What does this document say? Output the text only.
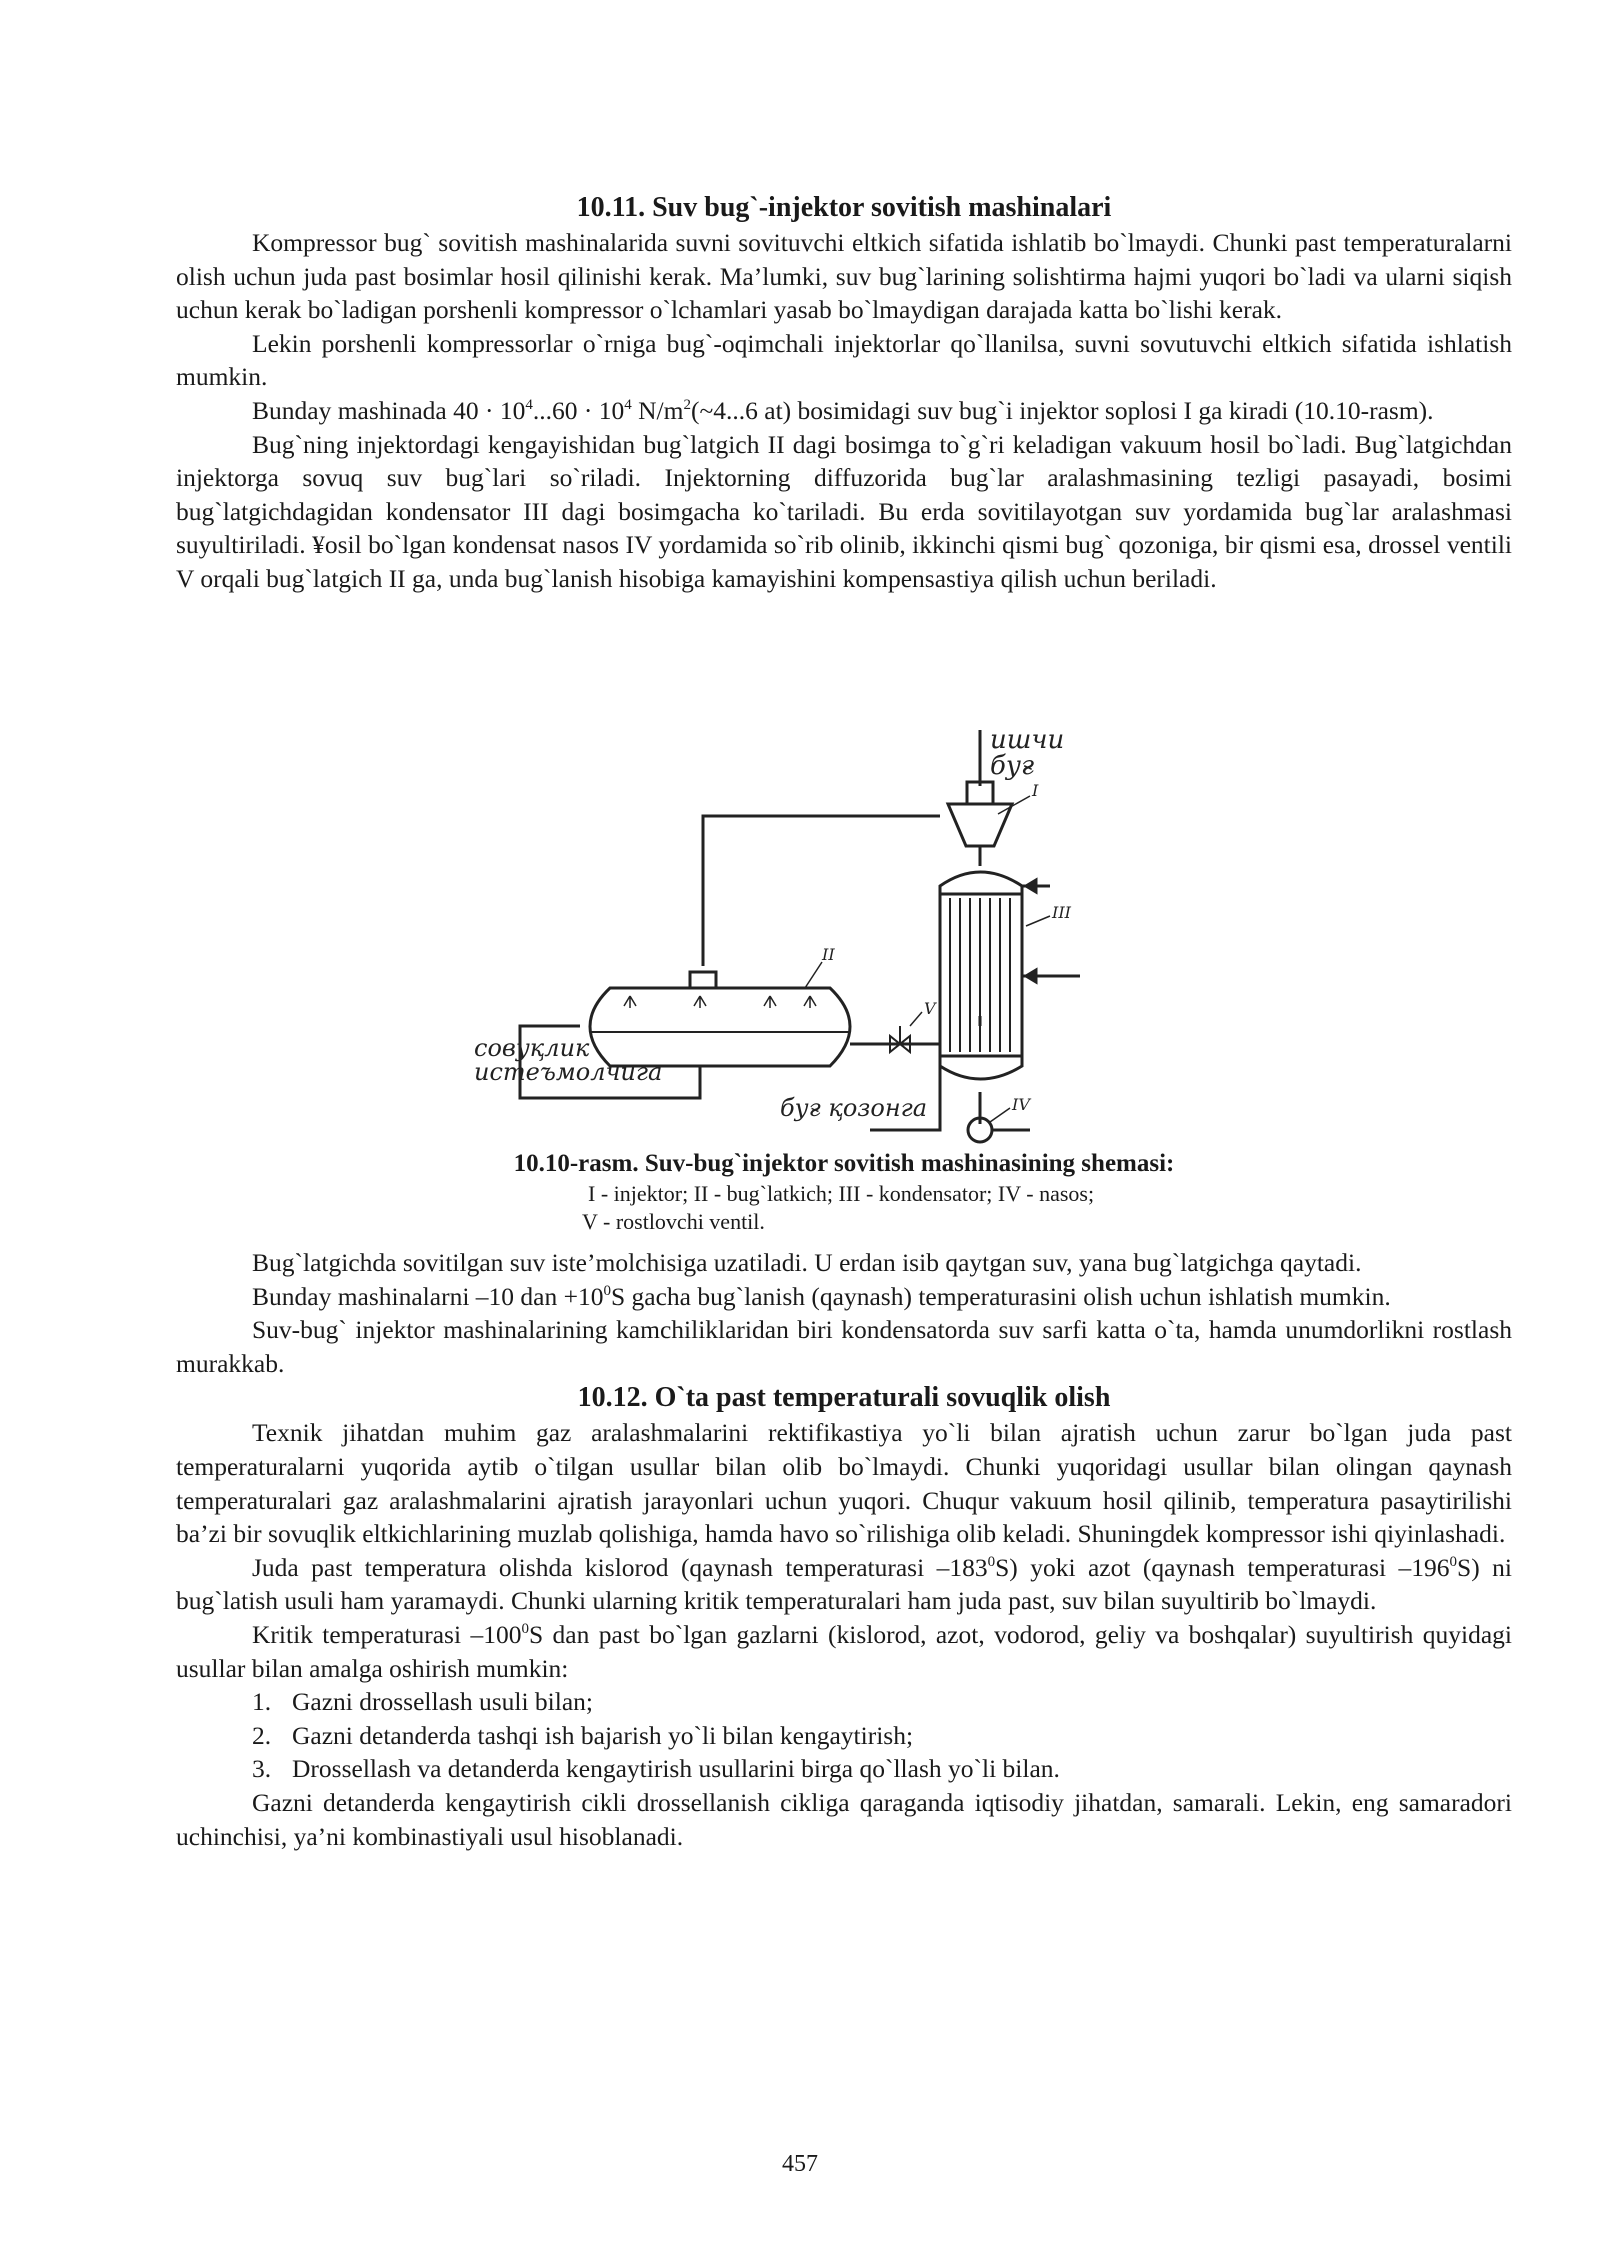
10.11. Suv bug`-injektor sovitish mashinalari

Kompressor bug` sovitish mashinalarida suvni sovituvchi eltkich sifatida ishlatib bo`lmaydi. Chunki past temperaturalarni olish uchun juda past bosimlar hosil qilinishi kerak. Ma’lumki, suv bug`larining solishtirma hajmi yuqori bo`ladi va ularni siqish uchun kerak bo`ladigan porshenli kompressor o`lchamlari yasab bo`lmaydigan darajada katta bo`lishi kerak.

Lekin porshenli kompressorlar o`rniga bug`-oqimchali injektorlar qo`llanilsa, suvni sovutuvchi eltkich sifatida ishlatish mumkin.

Bunday mashinada $40 \cdot 10^4...60 \cdot 10^4$ $N/m^2(\sim 4...6$ at) bosimidagi suv bug`i injektor soplosi I ga kiradi (10.10-rasm).

Bug`ning injektordagi kengayishidan bug`latgich II dagi bosimga to`g`ri keladigan vakuum hosil bo`ladi. Bug`latgichdan injektorga sovuq suv bug`lari so`riladi. Injektorning diffuzorida bug`lar aralashmasining tezligi pasayadi, bosimi bug`latgichdagidan kondensator III dagi bosimgacha ko`tariladi. Bu erda sovitilayotgan suv yordamida bug`lar aralashmasi suyultiriladi. ¥osil bo`lgan kondensat nasos IV yordamida so`rib olinib, ikkinchi qismi bug` qozoniga, bir qismi esa, drossel ventili V orqali bug`latgich II ga, unda bug`lanish hisobiga kamayishini kompensastiya qilish uchun beriladi.

ишчи
буғ
I
III
II
V
IV
совуқлик
истеъмолчига
буғ қозонга
10.10-rasm. Suv-bug`injektor sovitish mashinasining shemasi:
I - injektor; II - bug`latkich; III - kondensator; IV - nasos;
V - rostlovchi ventil.

Bug`latgichda sovitilgan suv iste’molchisiga uzatiladi. U erdan isib qaytgan suv, yana bug`latgichga qaytadi.

Bunday mashinalarni –10 dan $+10^0S$ gacha bug`lanish (qaynash) temperaturasini olish uchun ishlatish mumkin.

Suv-bug` injektor mashinalarining kamchiliklaridan biri kondensatorda suv sarfi katta o`ta, hamda unumdorlikni rostlash murakkab.

10.12. O`ta past temperaturali sovuqlik olish

Texnik jihatdan muhim gaz aralashmalarini rektifikastiya yo`li bilan ajratish uchun zarur bo`lgan juda past temperaturalarni yuqorida aytib o`tilgan usullar bilan olib bo`lmaydi. Chunki yuqoridagi usullar bilan olingan qaynash temperaturalari gaz aralashmalarini ajratish jarayonlari uchun yuqori. Chuqur vakuum hosil qilinib, temperatura pasaytirilishi ba’zi bir sovuqlik eltkichlarining muzlab qolishiga, hamda havo so`rilishiga olib keladi. Shuningdek kompressor ishi qiyinlashadi.

Juda past temperatura olishda kislorod (qaynash temperaturasi $-183^0S$) yoki azot (qaynash temperaturasi $-196^0S$) ni bug`latish usuli ham yaramaydi. Chunki ularning kritik temperaturalari ham juda past, suv bilan suyultirib bo`lmaydi.

Kritik temperaturasi $-100^0S$ dan past bo`lgan gazlarni (kislorod, azot, vodorod, geliy va boshqalar) suyultirish quyidagi usullar bilan amalga oshirish mumkin:

1. Gazni drossellash usuli bilan;
2. Gazni detanderda tashqi ish bajarish yo`li bilan kengaytirish;
3. Drossellash va detanderda kengaytirish usullarini birga qo`llash yo`li bilan.

Gazni detanderda kengaytirish cikli drossellanish cikliga qaraganda iqtisodiy jihatdan, samarali. Lekin, eng samaradori uchinchisi, ya’ni kombinastiyali usul hisoblanadi.

457
